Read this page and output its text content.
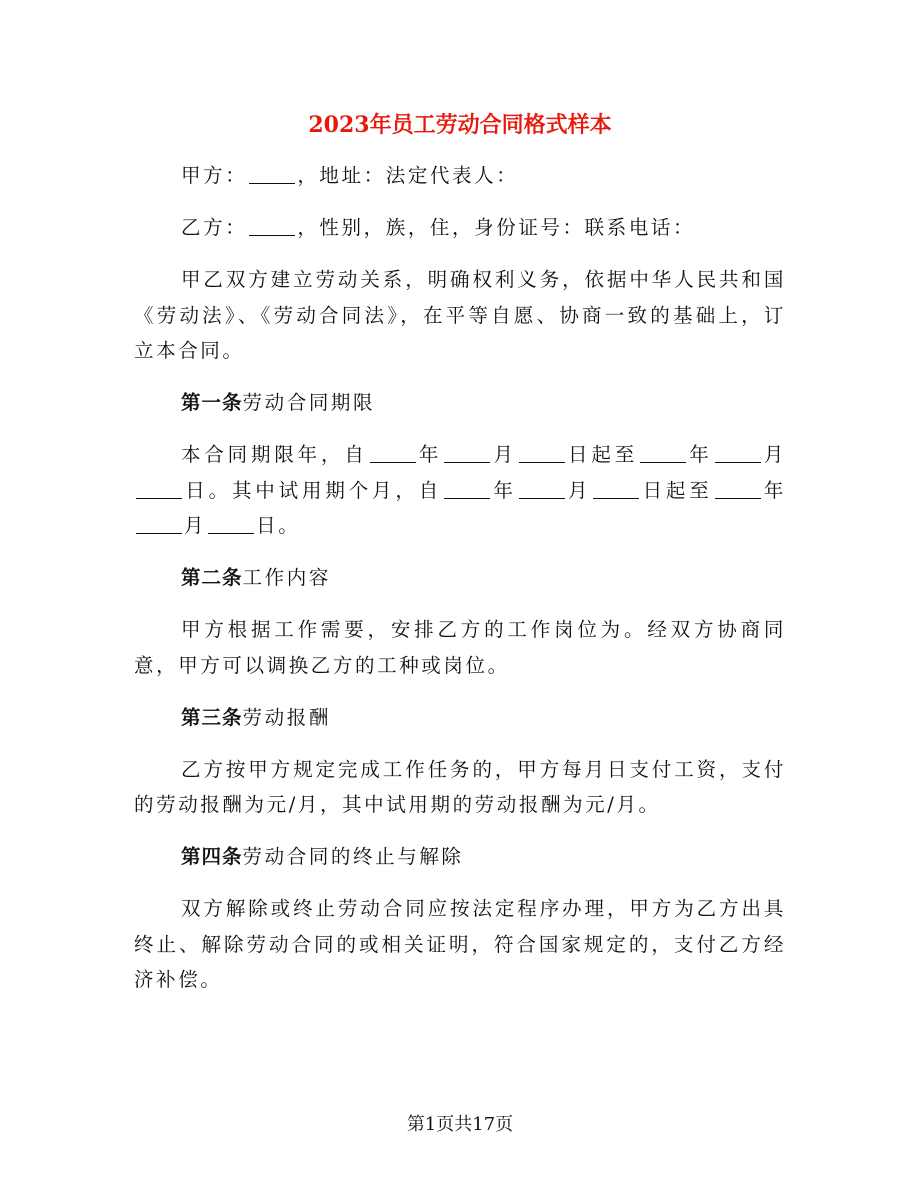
2023年员工劳动合同格式样本

甲方：	，地址：法定代表人：

乙方：	，性别，族，住，身份证号：联系电话：

甲乙双方建立劳动关系，明确权利义务，依据中华人民共和国《劳动法》、《劳动合同法》，在平等自愿、协商一致的基础上，订立本合同。

第一条劳动合同期限

本合同期限年，自	年	月	日起至	年	月日。其中试用期个月，自	年	月	日起至	年月	日。

第二条工作内容

甲方根据工作需要，安排乙方的工作岗位为。经双方协商同意，甲方可以调换乙方的工种或岗位。

第三条劳动报酬

乙方按甲方规定完成工作任务的，甲方每月日支付工资，支付的劳动报酬为元/月，其中试用期的劳动报酬为元/月。

第四条劳动合同的终止与解除

双方解除或终止劳动合同应按法定程序办理，甲方为乙方出具终止、解除劳动合同的或相关证明，符合国家规定的，支付乙方经济补偿。

第1页共17页
